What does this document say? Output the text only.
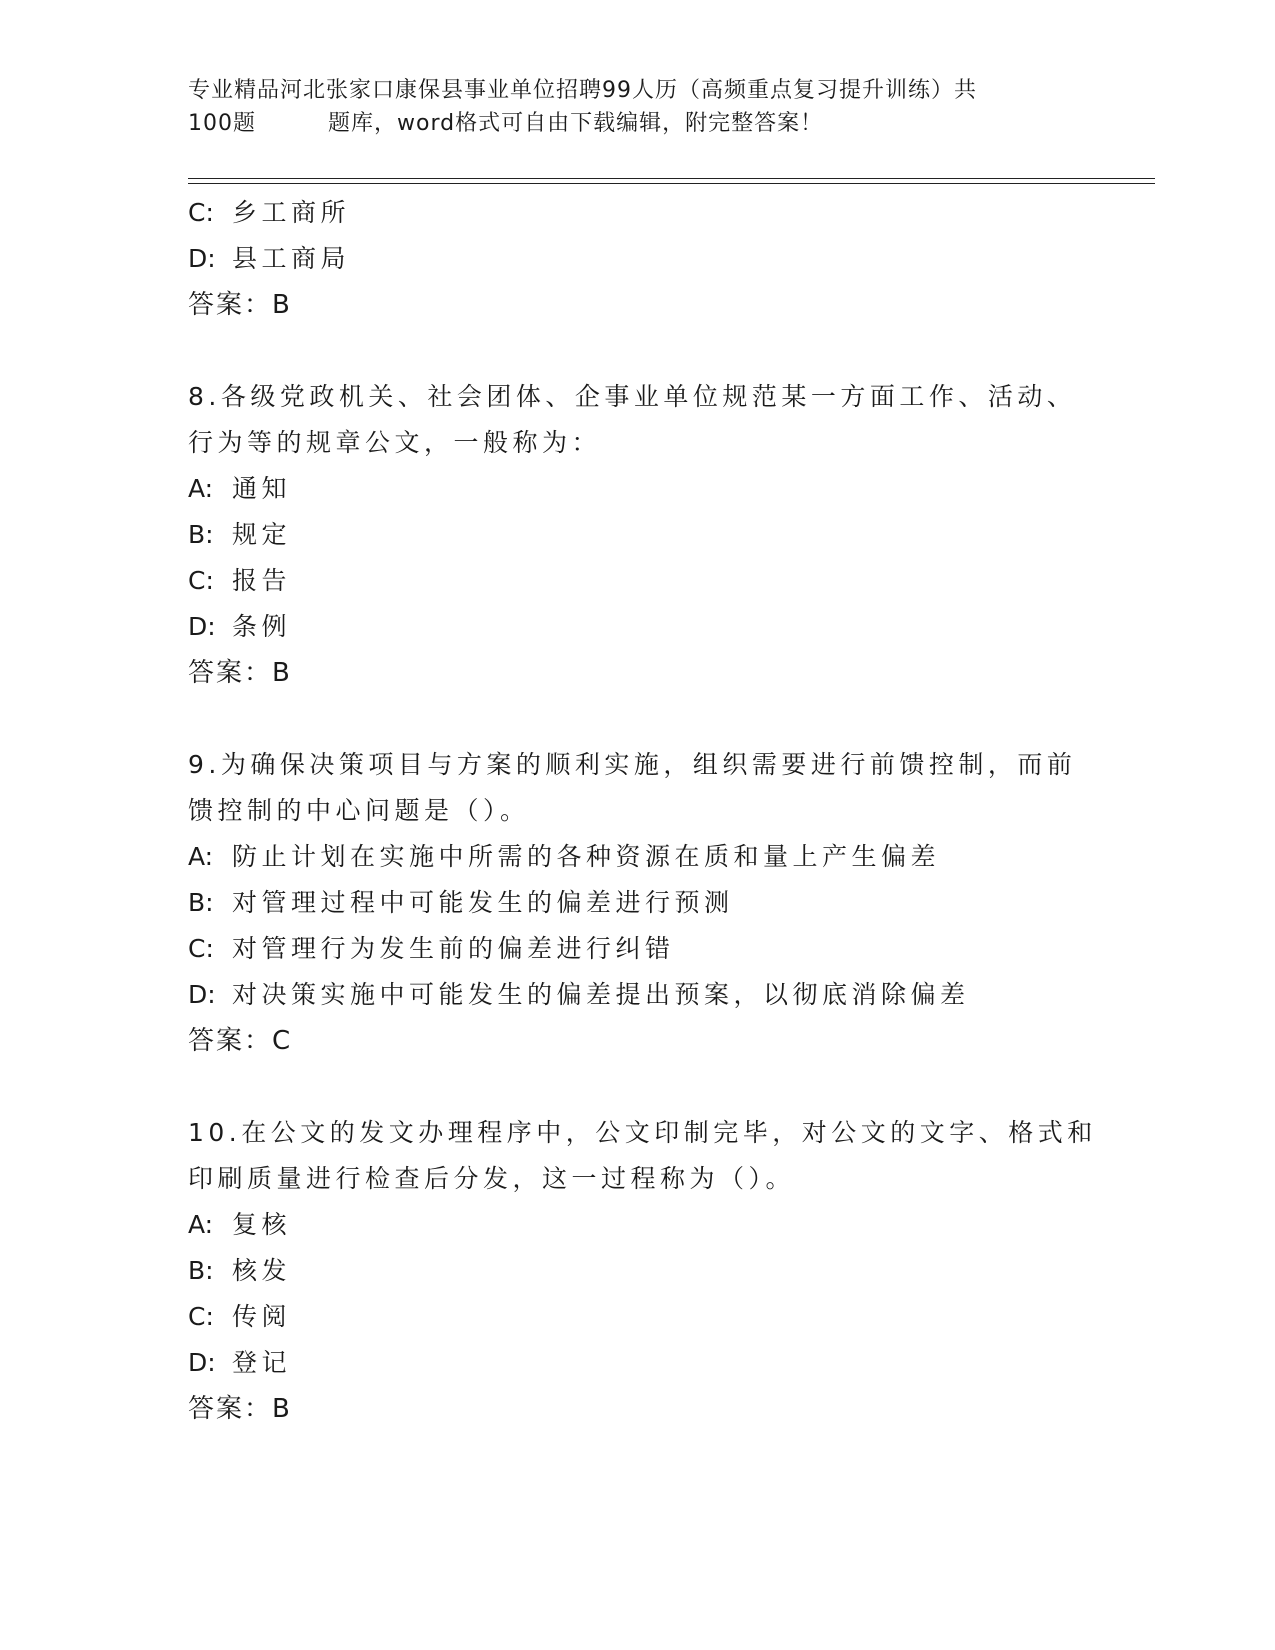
专业精品河北张家口康保县事业单位招聘99人历（高频重点复习提升训练）共
100题	题库，word格式可自由下载编辑，附完整答案！
C: 乡工商所
D: 县工商局
答案：B
8.各级党政机关、社会团体、企事业单位规范某一方面工作、活动、
行为等的规章公文，一般称为：
A: 通知
B: 规定
C: 报告
D: 条例
答案：B
9.为确保决策项目与方案的顺利实施，组织需要进行前馈控制，而前
馈控制的中心问题是（）。
A: 防止计划在实施中所需的各种资源在质和量上产生偏差
B: 对管理过程中可能发生的偏差进行预测
C: 对管理行为发生前的偏差进行纠错
D: 对决策实施中可能发生的偏差提出预案，以彻底消除偏差
答案：C
10.在公文的发文办理程序中，公文印制完毕，对公文的文字、格式和
印刷质量进行检查后分发，这一过程称为（）。
A: 复核
B: 核发
C: 传阅
D: 登记
答案：B
